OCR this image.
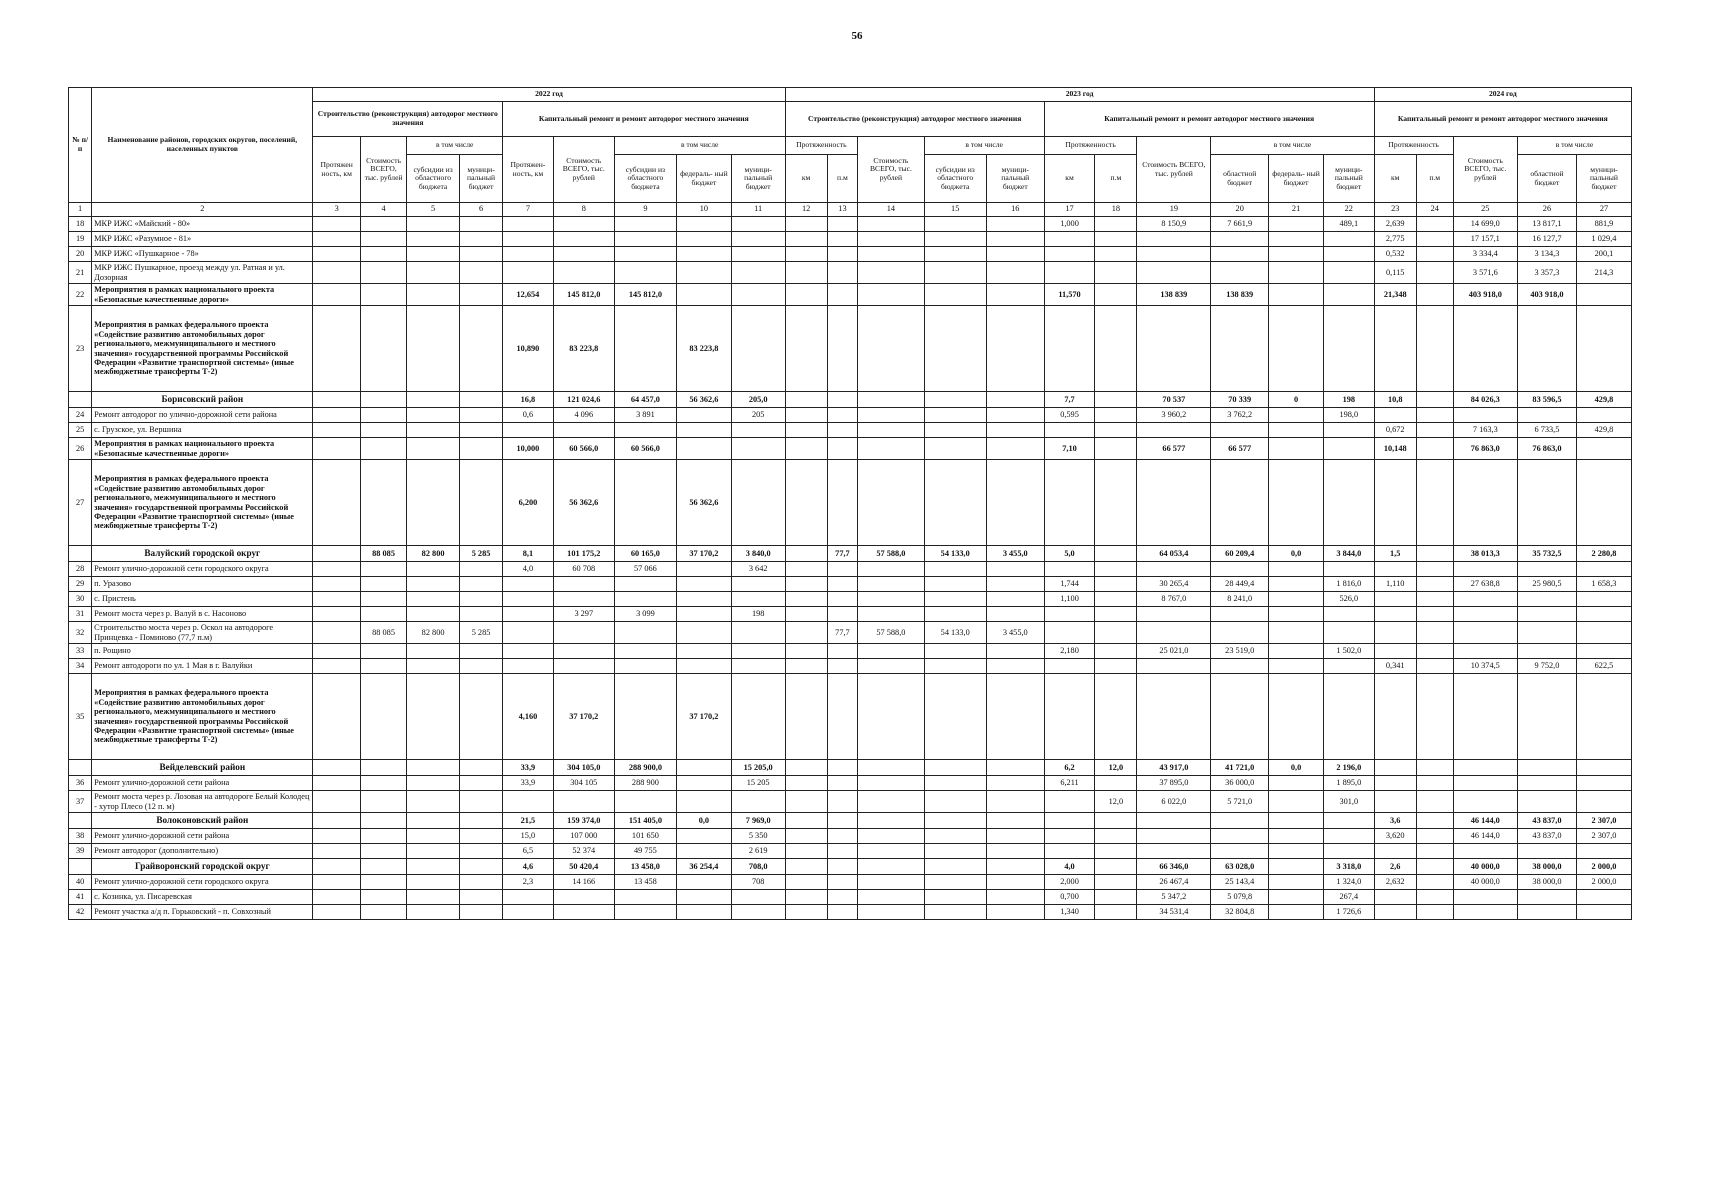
56
№ п/п	Наименование районов, городских округов, поселений, населенных пунктов	2022 год									2023 год											2024 год				
		Строительство (реконструкция) автодорог местного значения				Капитальный ремонт и ремонт автодорог местного значения					Строительство (реконструкция) автодорог местного значения					Капитальный ремонт и ремонт автодорог местного значения						Капитальный ремонт и ремонт автодорог местного значения				
		Протяжен ность, км	Стоимость ВСЕГО, тыс. рублей	в том числе		Протяжен- ность, км	Стоимость ВСЕГО, тыс. рублей	в том числе			Протяженность		Стоимость ВСЕГО, тыс. рублей	в том числе		Протяженность		Стоимость ВСЕГО, тыс. рублей	в том числе			Протяженность		Стоимость ВСЕГО, тыс. рублей	в том числе	
				субсидии из областного бюджета	муници- пальный бюджет			субсидии из областного бюджета	федераль- ный бюджет	муници- пальный бюджет	км	п.м		субсидии из областного бюджета	муници- пальный бюджет	км	п.м		областной бюджет	федераль- ный бюджет	муници- пальный бюджет	км	п.м		областной бюджет	муници- пальный бюджет
1	2	3	4	5	6	7	8	9	10	11	12	13	14	15	16	17	18	19	20	21	22	23	24	25	26	27
18	МКР ИЖС «Майский - 80»															1,000		8 150,9	7 661,9		489,1	2,639		14 699,0	13 817,1	881,9
19	МКР ИЖС «Разумное - 81»																					2,775		17 157,1	16 127,7	1 029,4
20	МКР ИЖС «Пушкарное - 78»																					0,532		3 334,4	3 134,3	200,1
21	МКР ИЖС Пушкарное, проезд между ул. Ратная и ул. Дозорная																					0,115		3 571,6	3 357,3	214,3
22	Мероприятия в рамках национального проекта «Безопасные качественные дороги»					12,654	145 812,0	145 812,0								11,570		138 839	138 839			21,348		403 918,0	403 918,0	
23	Мероприятия в рамках федерального проекта «Содействие развитию автомобильных дорог регионального, межмуниципального и местного значения» государственной программы Российской Федерации «Развитие транспортной системы» (иные межбюджетные трансферты Т-2)					10,890	83 223,8		83 223,8																	
	Борисовский район					16,8	121 024,6	64 457,0	56 362,6	205,0						7,7		70 537	70 339	0	198	10,8		84 026,3	83 596,5	429,8
24	Ремонт автодорог по улично-дорожной сети района					0,6	4 096	3 891		205						0,595		3 960,2	3 762,2		198,0					
25	с. Грузское, ул. Вершина																					0,672		7 163,3	6 733,5	429,8
26	Мероприятия в рамках национального проекта «Безопасные качественные дороги»					10,000	60 566,0	60 566,0								7,10		66 577	66 577			10,148		76 863,0	76 863,0	
27	Мероприятия в рамках федерального проекта «Содействие развитию автомобильных дорог регионального, межмуниципального и местного значения» государственной программы Российской Федерации «Развитие транспортной системы» (иные межбюджетные трансферты Т-2)					6,200	56 362,6		56 362,6																	
	Валуйский городской округ		88 085	82 800	5 285	8,1	101 175,2	60 165,0	37 170,2	3 840,0		77,7	57 588,0	54 133,0	3 455,0	5,0		64 053,4	60 209,4	0,0	3 844,0	1,5		38 013,3	35 732,5	2 280,8
28	Ремонт улично-дорожной сети городского округа					4,0	60 708	57 066		3 642																
29	п. Уразово															1,744		30 265,4	28 449,4		1 816,0	1,110		27 638,8	25 980,5	1 658,3
30	с. Пристень															1,100		8 767,0	8 241,0		526,0					
31	Ремонт моста через р. Валуй в с. Насоново						3 297	3 099		198																
32	Строительство моста через р. Оскол на автодороге Принцевка - Поминово (77,7 п.м)		88 085	82 800	5 285							77,7	57 588,0	54 133,0	3 455,0											
33	п. Рощино															2,180		25 021,0	23 519,0		1 502,0					
34	Ремонт автодороги по ул. 1 Мая в г. Валуйки																					0,341		10 374,5	9 752,0	622,5
35	Мероприятия в рамках федерального проекта «Содействие развитию автомобильных дорог регионального, межмуниципального и местного значения» государственной программы Российской Федерации «Развитие транспортной системы» (иные межбюджетные трансферты Т-2)					4,160	37 170,2		37 170,2																	
	Вейделевский район					33,9	304 105,0	288 900,0		15 205,0						6,2	12,0	43 917,0	41 721,0	0,0	2 196,0					
36	Ремонт улично-дорожной сети района					33,9	304 105	288 900		15 205						6,211		37 895,0	36 000,0		1 895,0					
37	Ремонт моста через р. Лозовая на автодороге Белый Колодец - хутор Плесо (12 п. м)																12,0	6 022,0	5 721,0		301,0					
	Волоконовский район					21,5	159 374,0	151 405,0	0,0	7 969,0												3,6		46 144,0	43 837,0	2 307,0
38	Ремонт улично-дорожной сети района					15,0	107 000	101 650		5 350												3,620		46 144,0	43 837,0	2 307,0
39	Ремонт автодорог (дополнительно)					6,5	52 374	49 755		2 619																
	Грайворонский городской округ					4,6	50 420,4	13 458,0	36 254,4	708,0						4,0		66 346,0	63 028,0		3 318,0	2,6		40 000,0	38 000,0	2 000,0
40	Ремонт улично-дорожной сети городского округа					2,3	14 166	13 458		708						2,000		26 467,4	25 143,4		1 324,0	2,632		40 000,0	38 000,0	2 000,0
41	с. Козинка, ул. Писаревская															0,700		5 347,2	5 079,8		267,4					
42	Ремонт участка а/д п. Горьковский - п. Совхозный															1,340		34 531,4	32 804,8		1 726,6					
